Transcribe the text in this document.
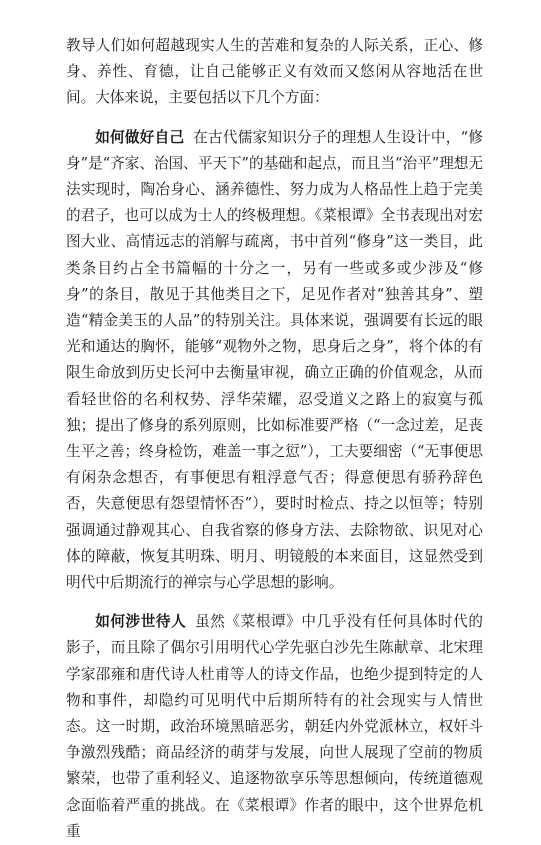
教导人们如何超越现实人生的苦难和复杂的人际关系，正心、修身、养性、育德，让自己能够正义有效而又悠闲从容地活在世间。大体来说，主要包括以下几个方面：

如何做好自己 在古代儒家知识分子的理想人生设计中，“修身”是“齐家、治国、平天下”的基础和起点，而且当“治平”理想无法实现时，陶冶身心、涵养德性、努力成为人格品性上趋于完美的君子，也可以成为士人的终极理想。《菜根谭》全书表现出对宏图大业、高情远志的消解与疏离，书中首列“修身”这一类目，此类条目约占全书篇幅的十分之一，另有一些或多或少涉及“修身”的条目，散见于其他类目之下，足见作者对“独善其身”、塑造“精金美玉的人品”的特别关注。具体来说，强调要有长远的眼光和通达的胸怀，能够“观物外之物，思身后之身”，将个体的有限生命放到历史长河中去衡量审视，确立正确的价值观念，从而看轻世俗的名利权势、浮华荣耀，忍受道义之路上的寂寞与孤独；提出了修身的系列原则，比如标准要严格（“一念过差，足丧生平之善；终身检饬，难盖一事之愆”），工夫要细密（“无事便思有闲杂念想否，有事便思有粗浮意气否；得意便思有骄矜辞色否，失意便思有怨望情怀否”），要时时检点、持之以恒等；特别强调通过静观其心、自我省察的修身方法、去除物欲、识见对心体的障蔽，恢复其明珠、明月、明镜般的本来面目，这显然受到明代中后期流行的禅宗与心学思想的影响。

如何涉世待人 虽然《菜根谭》中几乎没有任何具体时代的影子，而且除了偶尔引用明代心学先驱白沙先生陈献章、北宋理学家邵雍和唐代诗人杜甫等人的诗文作品，也绝少提到特定的人物和事件，却隐约可见明代中后期所特有的社会现实与人情世态。这一时期，政治环境黑暗恶劣，朝廷内外党派林立，权奸斗争激烈残酷；商品经济的萌芽与发展，向世人展现了空前的物质繁荣，也带了重利轻义、追逐物欲享乐等思想倾向，传统道德观念面临着严重的挑战。在《菜根谭》作者的眼中，这个世界危机重
